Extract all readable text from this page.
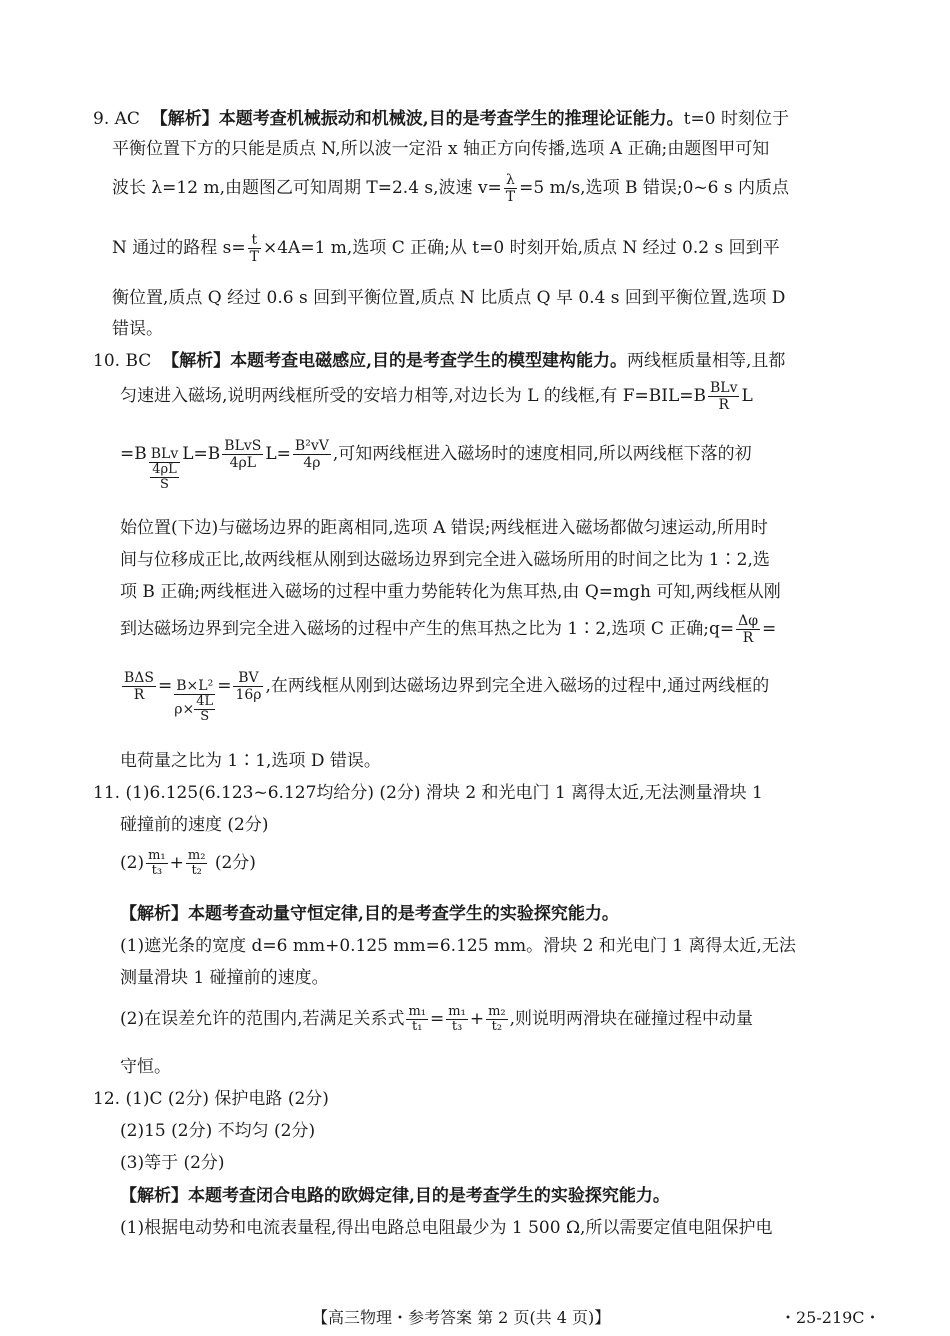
9. AC 【解析】本题考查机械振动和机械波,目的是考查学生的推理论证能力。t=0 时刻位于
平衡位置下方的只能是质点 N,所以波一定沿 x 轴正方向传播,选项 A 正确;由题图甲可知
波长 λ=12 m,由题图乙可知周期 T=2.4 s,波速 $v= \frac{\lambda}{T} =5$ m/s,选项 B 错误;0~6 s 内质点
N 通过的路程 $s= \frac{t}{T} \times 4A=1$ m,选项 C 正确;从 t=0 时刻开始,质点 N 经过 0.2 s 回到平
衡位置,质点 Q 经过 0.6 s 回到平衡位置,质点 N 比质点 Q 早 0.4 s 回到平衡位置,选项 D
错误。
10. BC 【解析】本题考查电磁感应,目的是考查学生的模型建构能力。两线框质量相等,且都
匀速进入磁场,说明两线框所受的安培力相等,对边长为 L 的线框,有 $F=BIL=B \frac{\text{BLv}}{R}$ L
$=B \frac{\text{BLv}}{\frac{4\rho L}{S}} L=B \frac{\text{BLvS}}{4\rho L} L= \frac{\text{B²vV}}{4\rho}$ ,可知两线框进入磁场时的速度相同,所以两线框下落的初
始位置(下边)与磁场边界的距离相同,选项 A 错误;两线框进入磁场都做匀速运动,所用时
间与位移成正比,故两线框从刚到达磁场边界到完全进入磁场所用的时间之比为 1∶2,选
项 B 正确;两线框进入磁场的过程中重力势能转化为焦耳热,由 Q=mgh 可知,两线框从刚
到达磁场边界到完全进入磁场的过程中产生的焦耳热之比为 1∶2,选项 C 正确;q= $\frac{\Delta\varphi}{R}$ =
$\frac{\text{BΔS}}{R} = \frac{\text{B×L²}}{\rho\times \frac{4L}{S}} = \frac{BV}{16\rho}$ ,在两线框从刚到达磁场边界到完全进入磁场的过程中,通过两线框的
电荷量之比为 1∶1,选项 D 错误。
11. (1)6.125(6.123~6.127均给分) (2分) 滑块 2 和光电门 1 离得太近,无法测量滑块 1
碰撞前的速度 (2分)
$(2) \frac{\text{m₁}}{\text{t₃}} + \frac{\text{m₂}}{\text{t₂}} (2$分)
【解析】本题考查动量守恒定律,目的是考查学生的实验探究能力。
(1)遮光条的宽度 d=6 mm+0.125 mm=6.125 mm。滑块 2 和光电门 1 离得太近,无法
测量滑块 1 碰撞前的速度。
(2)在误差允许的范围内,若满足关系式 $\frac{\text{m₁}}{\text{t₁}} = \frac{\text{m₁}}{\text{t₃}} + \frac{\text{m₂}}{\text{t₂}}$ ,则说明两滑块在碰撞过程中动量
守恒。
12. (1)C (2分) 保护电路 (2分)
(2)15 (2分) 不均匀 (2分)
(3)等于 (2分)
【解析】本题考查闭合电路的欧姆定律,目的是考查学生的实验探究能力。
(1)根据电动势和电流表量程,得出电路总电阻最少为 1 500 Ω,所以需要定值电阻保护电
【高三物理・参考答案 第 2 页(共 4 页)】	・25-219C・
